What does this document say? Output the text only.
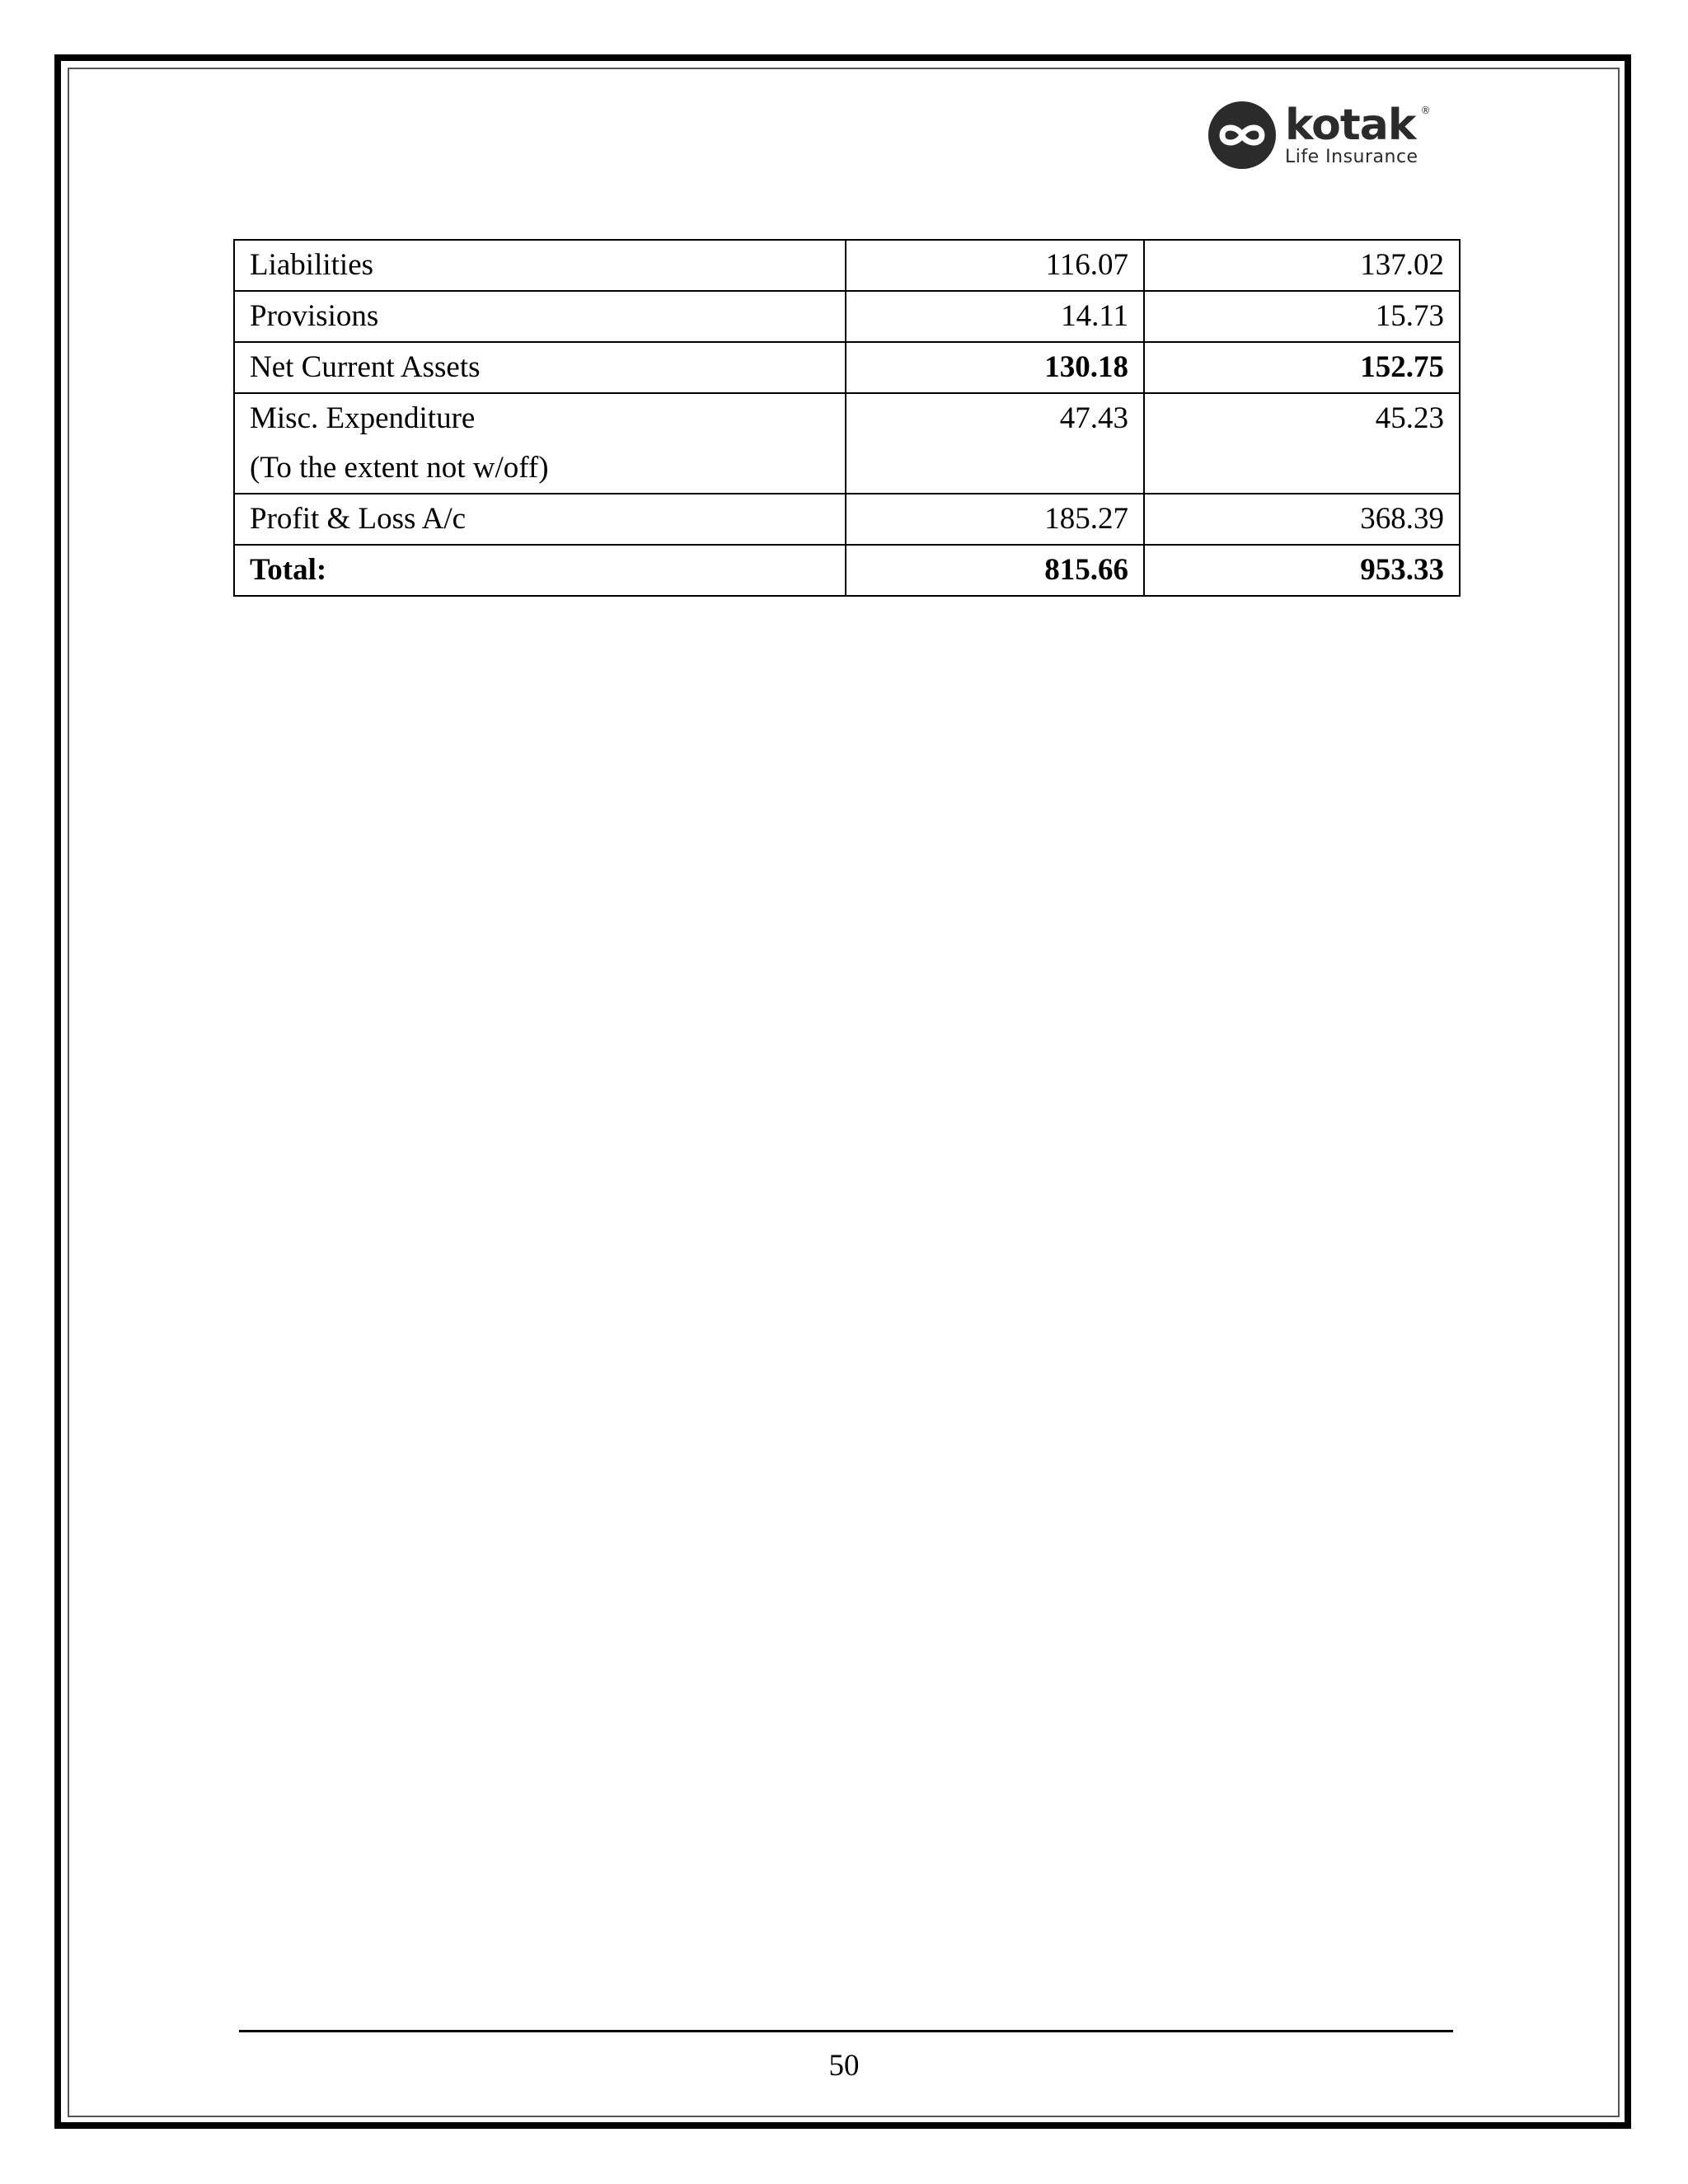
kotak ®
Life Insurance
Liabilities	116.07	137.02
Provisions	14.11	15.73
Net Current Assets	130.18	152.75

Misc. Expenditure
(To the extent not w/off)	47.43	45.23
Profit & Loss A/c	185.27	368.39
Total:	815.66	953.33
50
